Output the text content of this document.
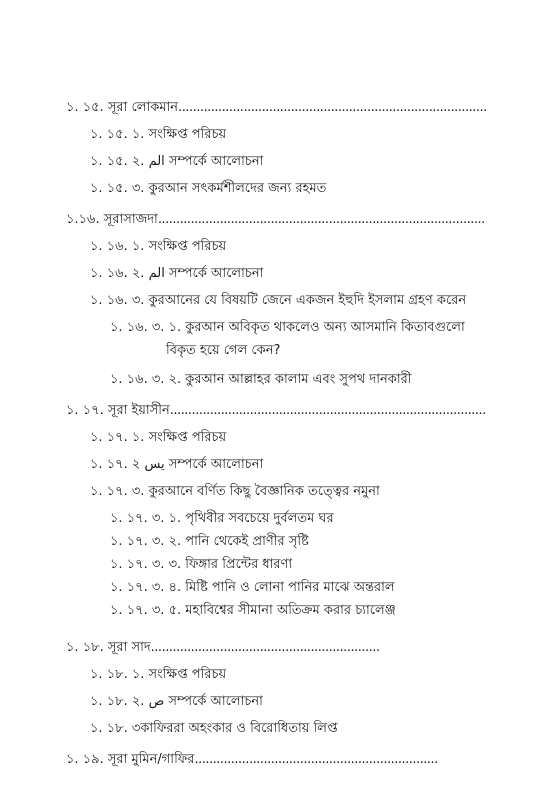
১. ১৫. সূরা লোকমান.....................................................................................
১. ১৫. ১. সংক্ষিপ্ত পরিচয়
১. ১৫. ২. الم সম্পর্কে আলোচনা
১. ১৫. ৩. কুরআন সৎকর্মশীলদের জন্য রহমত
১.১৬. সূরাসাজদা..........................................................................................
১. ১৬. ১. সংক্ষিপ্ত পরিচয়
১. ১৬. ২. الم সম্পর্কে আলোচনা
১. ১৬. ৩. কুরআনের যে বিষয়টি জেনে একজন ইহুদি ইসলাম গ্রহণ করেন
১. ১৬. ৩. ১. কুরআন অবিকৃত থাকলেও অন্য আসমানি কিতাবগুলো
বিকৃত হয়ে গেল কেন?
১. ১৬. ৩. ২. কুরআন আল্লাহর কালাম এবং সুপথ দানকারী
১. ১৭. সূরা ইয়াসীন.......................................................................................
১. ১৭. ১. সংক্ষিপ্ত পরিচয়
১. ১৭. ২ يس সম্পর্কে আলোচনা
১. ১৭. ৩. কুরআনে বর্ণিত কিছু বৈজ্ঞানিক তত্ত্বের নমুনা
১. ১৭. ৩. ১. পৃথিবীর সবচেয়ে দুর্বলতম ঘর
১. ১৭. ৩. ২. পানি থেকেই প্রাণীর সৃষ্টি
১. ১৭. ৩. ৩. ফিঙ্গার প্রিন্টের ধারণা
১. ১৭. ৩. ৪. মিষ্টি পানি ও লোনা পানির মাঝে অন্তরাল
১. ১৭. ৩. ৫. মহাবিশ্বের সীমানা অতিক্রম করার চ্যালেঞ্জ
১. ১৮. সূরা সাদ...............................................................
১. ১৮. ১. সংক্ষিপ্ত পরিচয়
১. ১৮. ২. ص সম্পর্কে আলোচনা
১. ১৮. ৩কাফিররা অহংকার ও বিরোধিতায় লিপ্ত
১. ১৯. সূরা মুমিন/গাফির...................................................................
